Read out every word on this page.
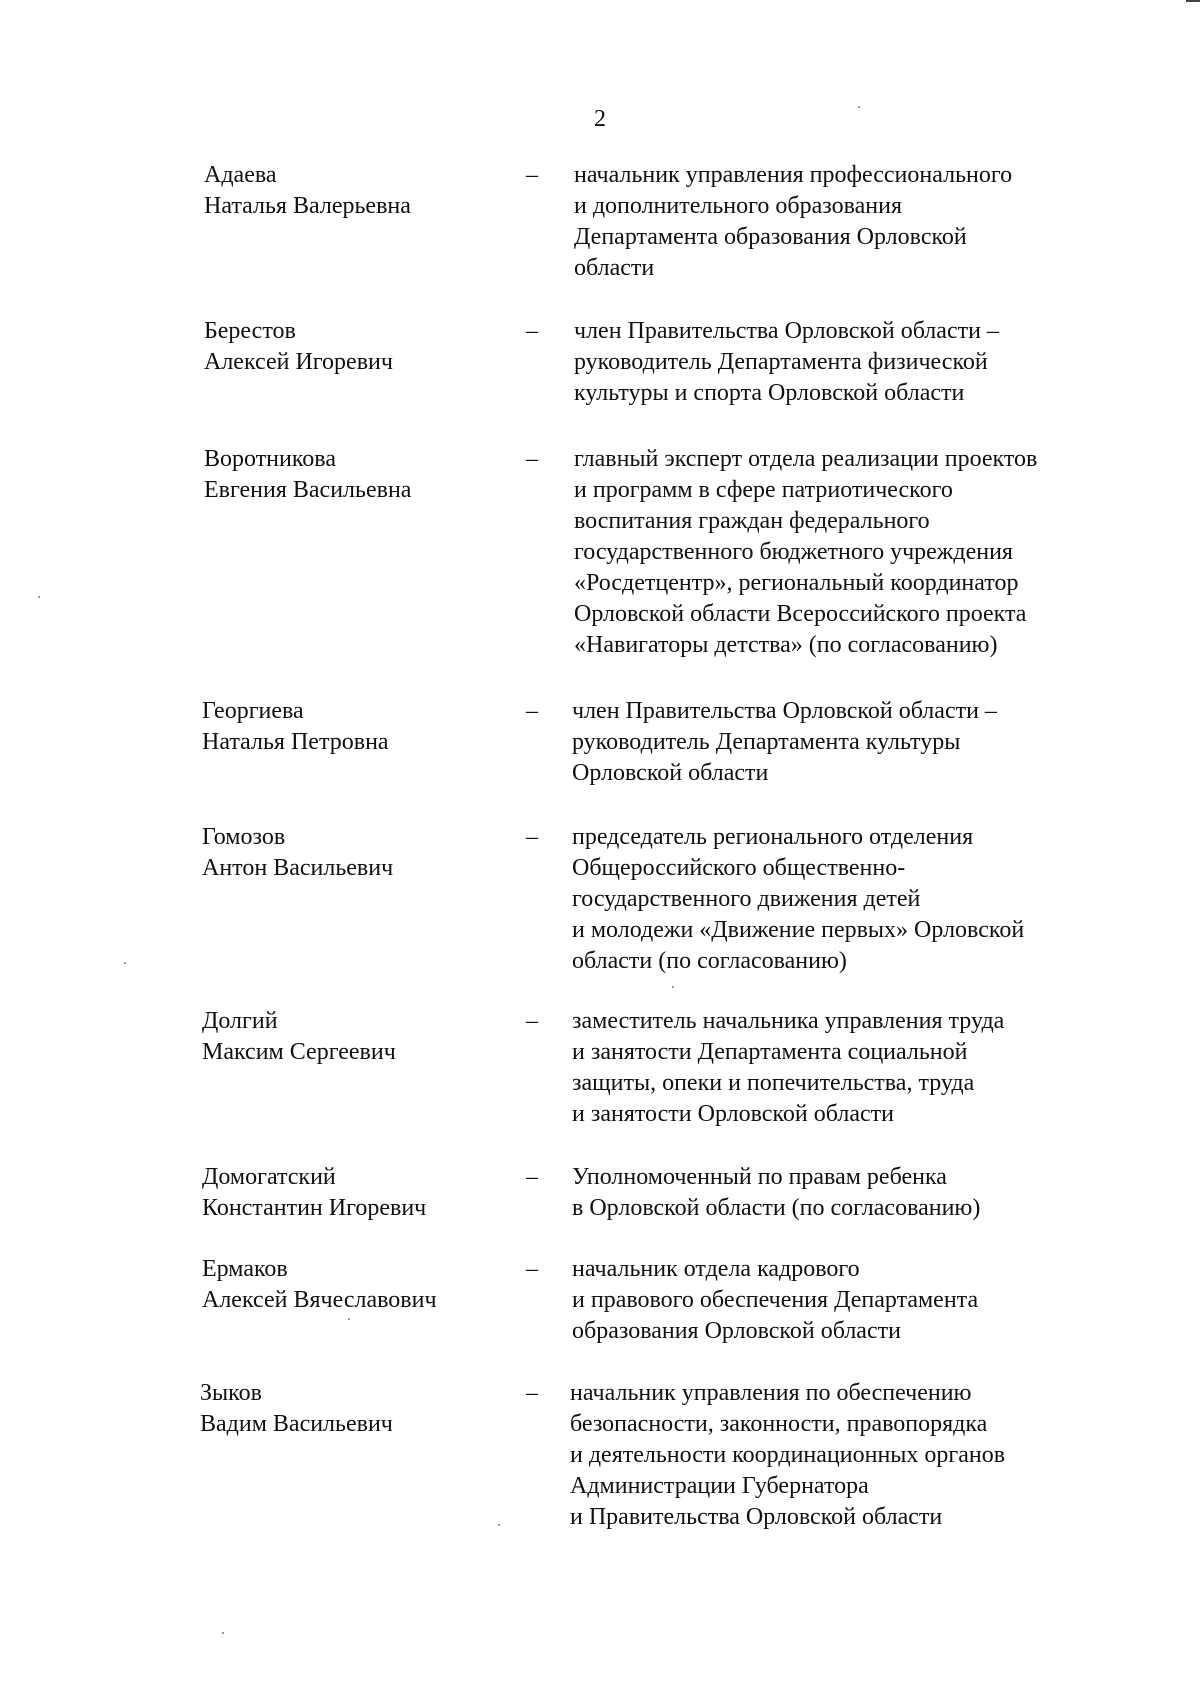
2
Адаева
Наталья Валерьевна
– начальник управления профессионального
и дополнительного образования
Департамента образования Орловской
области
Берестов
Алексей Игоревич
– член Правительства Орловской области –
руководитель Департамента физической
культуры и спорта Орловской области
Воротникова
Евгения Васильевна
– главный эксперт отдела реализации проектов
и программ в сфере патриотического
воспитания граждан федерального
государственного бюджетного учреждения
«Росдетцентр», региональный координатор
Орловской области Всероссийского проекта
«Навигаторы детства» (по согласованию)
Георгиева
Наталья Петровна
– член Правительства Орловской области –
руководитель Департамента культуры
Орловской области
Гомозов
Антон Васильевич
– председатель регионального отделения
Общероссийского общественно-
государственного движения детей
и молодежи «Движение первых» Орловской
области (по согласованию)
Долгий
Максим Сергеевич
– заместитель начальника управления труда
и занятости Департамента социальной
защиты, опеки и попечительства, труда
и занятости Орловской области
Домогатский
Константин Игоревич
– Уполномоченный по правам ребенка
в Орловской области (по согласованию)
Ермаков
Алексей Вячеславович
– начальник отдела кадрового
и правового обеспечения Департамента
образования Орловской области
Зыков
Вадим Васильевич
– начальник управления по обеспечению
безопасности, законности, правопорядка
и деятельности координационных органов
Администрации Губернатора
и Правительства Орловской области
